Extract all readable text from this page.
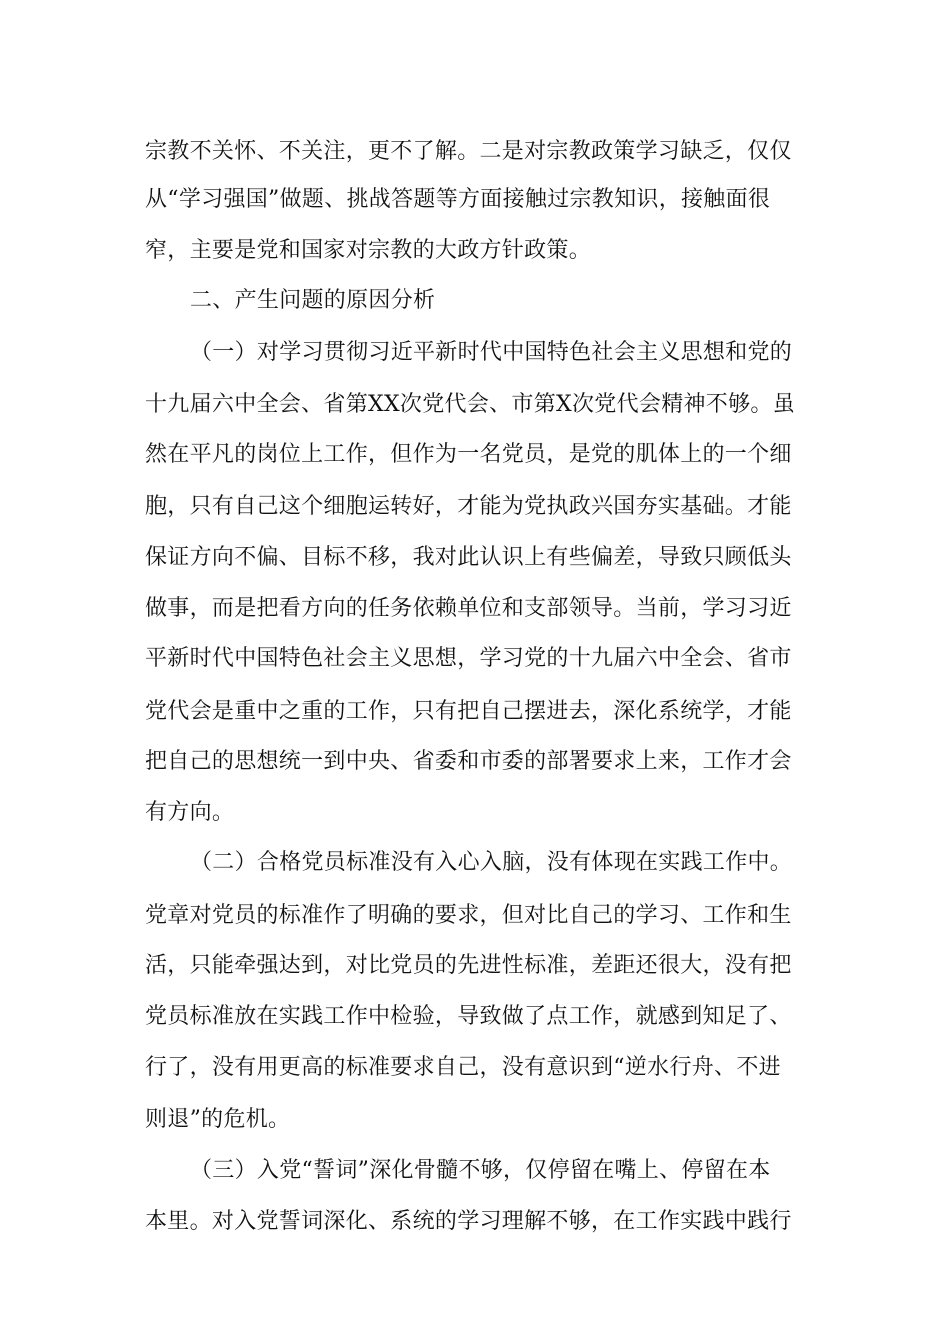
宗教不关怀、不关注，更不了解。二是对宗教政策学习缺乏，仅仅
从“学习强国”做题、挑战答题等方面接触过宗教知识，接触面很
窄，主要是党和国家对宗教的大政方针政策。
二、产生问题的原因分析
（一）对学习贯彻习近平新时代中国特色社会主义思想和党的
十九届六中全会、省第XX次党代会、市第X次党代会精神不够。虽
然在平凡的岗位上工作，但作为一名党员，是党的肌体上的一个细
胞，只有自己这个细胞运转好，才能为党执政兴国夯实基础。才能
保证方向不偏、目标不移，我对此认识上有些偏差，导致只顾低头
做事，而是把看方向的任务依赖单位和支部领导。当前，学习习近
平新时代中国特色社会主义思想，学习党的十九届六中全会、省市
党代会是重中之重的工作，只有把自己摆进去，深化系统学，才能
把自己的思想统一到中央、省委和市委的部署要求上来，工作才会
有方向。
（二）合格党员标准没有入心入脑，没有体现在实践工作中。
党章对党员的标准作了明确的要求，但对比自己的学习、工作和生
活，只能牵强达到，对比党员的先进性标准，差距还很大，没有把
党员标准放在实践工作中检验，导致做了点工作，就感到知足了、
行了，没有用更高的标准要求自己，没有意识到“逆水行舟、不进
则退”的危机。
（三）入党“誓词”深化骨髓不够，仅停留在嘴上、停留在本
本里。对入党誓词深化、系统的学习理解不够，在工作实践中践行
